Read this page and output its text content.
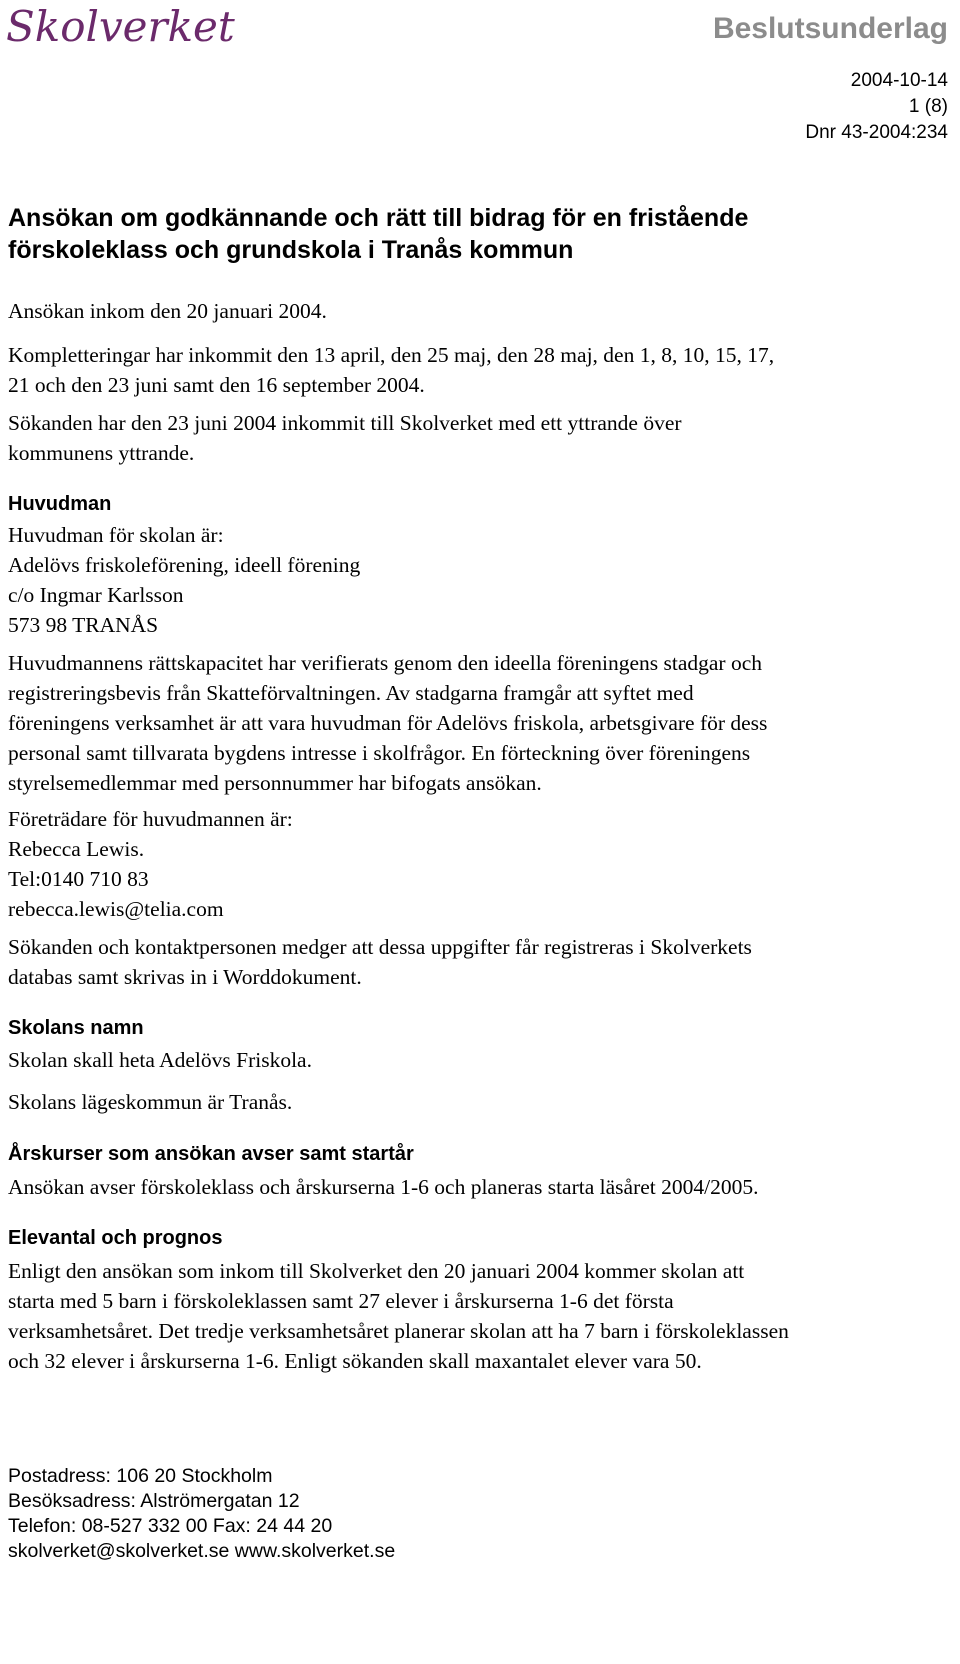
Skolverket	Beslutsunderlag
2004-10-14
1 (8)
Dnr 43-2004:234
Ansökan om godkännande och rätt till bidrag för en fristående
förskoleklass och grundskola i Tranås kommun
Ansökan inkom den 20 januari 2004.
Kompletteringar har inkommit den 13 april, den 25 maj, den 28 maj, den 1, 8, 10, 15, 17,
21 och den 23 juni samt den 16 september 2004.
Sökanden har den 23 juni 2004 inkommit till Skolverket med ett yttrande över
kommunens yttrande.
Huvudman
Huvudman för skolan är:
Adelövs friskoleförening, ideell förening
c/o Ingmar Karlsson
573 98 TRANÅS
Huvudmannens rättskapacitet har verifierats genom den ideella föreningens stadgar och
registreringsbevis från Skatteförvaltningen. Av stadgarna framgår att syftet med
föreningens verksamhet är att vara huvudman för Adelövs friskola, arbetsgivare för dess
personal samt tillvarata bygdens intresse i skolfrågor. En förteckning över föreningens
styrelsemedlemmar med personnummer har bifogats ansökan.
Företrädare för huvudmannen är:
Rebecca Lewis.
Tel:0140 710 83
rebecca.lewis@telia.com
Sökanden och kontaktpersonen medger att dessa uppgifter får registreras i Skolverkets
databas samt skrivas in i Worddokument.
Skolans namn
Skolan skall heta Adelövs Friskola.
Skolans lägeskommun är Tranås.
Årskurser som ansökan avser samt startår
Ansökan avser förskoleklass och årskurserna 1-6 och planeras starta läsåret 2004/2005.
Elevantal och prognos
Enligt den ansökan som inkom till Skolverket den 20 januari 2004 kommer skolan att
starta med 5 barn i förskoleklassen samt 27 elever i årskurserna 1-6 det första
verksamhetsåret. Det tredje verksamhetsåret planerar skolan att ha 7 barn i förskoleklassen
och 32 elever i årskurserna 1-6. Enligt sökanden skall maxantalet elever vara 50.
Postadress: 106 20 Stockholm
Besöksadress: Alströmergatan 12
Telefon: 08-527 332 00 Fax: 24 44 20
skolverket@skolverket.se www.skolverket.se
